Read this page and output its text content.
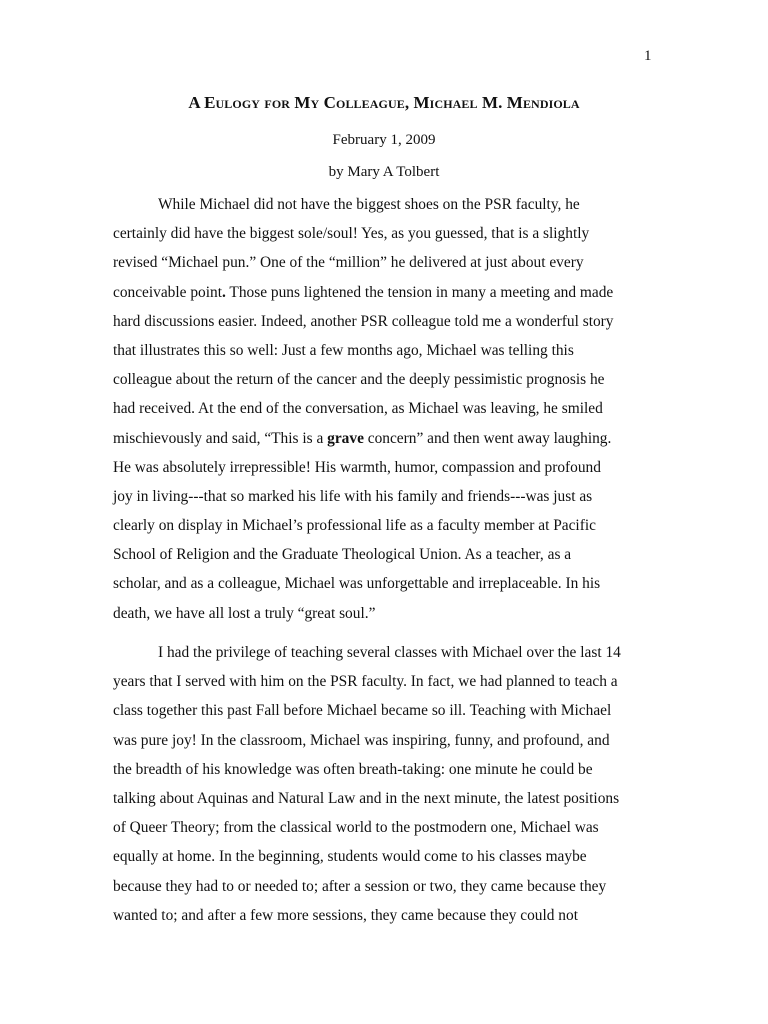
1
A Eulogy for My Colleague, Michael M. Mendiola
February 1, 2009
by Mary A Tolbert
While Michael did not have the biggest shoes on the PSR faculty, he
certainly did have the biggest sole/soul! Yes, as you guessed, that is a slightly
revised “Michael pun.” One of the “million” he delivered at just about every
conceivable point. Those puns lightened the tension in many a meeting and made
hard discussions easier. Indeed, another PSR colleague told me a wonderful story
that illustrates this so well: Just a few months ago, Michael was telling this
colleague about the return of the cancer and the deeply pessimistic prognosis he
had received. At the end of the conversation, as Michael was leaving, he smiled
mischievously and said, “This is a grave concern” and then went away laughing.
He was absolutely irrepressible! His warmth, humor, compassion and profound
joy in living---that so marked his life with his family and friends---was just as
clearly on display in Michael’s professional life as a faculty member at Pacific
School of Religion and the Graduate Theological Union. As a teacher, as a
scholar, and as a colleague, Michael was unforgettable and irreplaceable. In his
death, we have all lost a truly “great soul.”
I had the privilege of teaching several classes with Michael over the last 14
years that I served with him on the PSR faculty. In fact, we had planned to teach a
class together this past Fall before Michael became so ill. Teaching with Michael
was pure joy! In the classroom, Michael was inspiring, funny, and profound, and
the breadth of his knowledge was often breath-taking: one minute he could be
talking about Aquinas and Natural Law and in the next minute, the latest positions
of Queer Theory; from the classical world to the postmodern one, Michael was
equally at home. In the beginning, students would come to his classes maybe
because they had to or needed to; after a session or two, they came because they
wanted to; and after a few more sessions, they came because they could not
